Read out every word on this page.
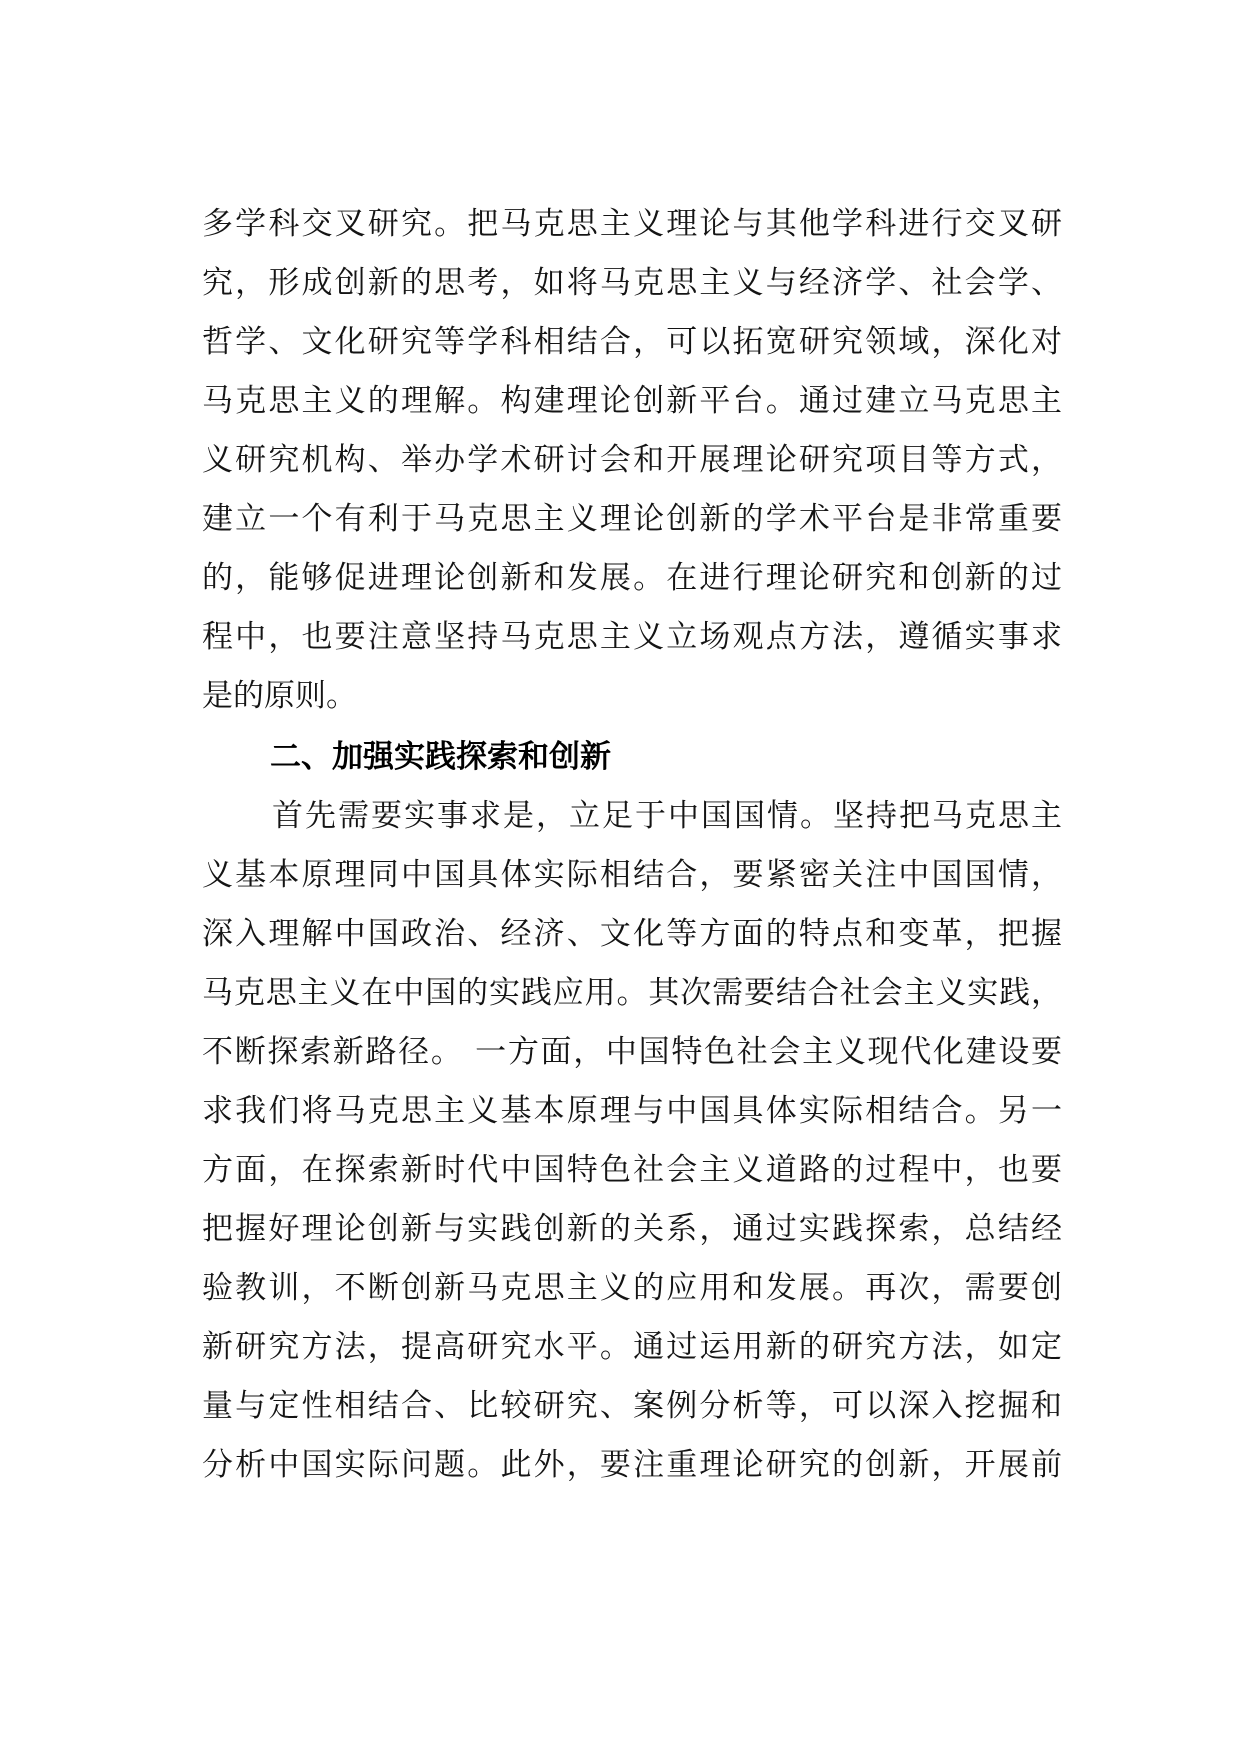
多学科交叉研究。把马克思主义理论与其他学科进行交叉研
究，形成创新的思考，如将马克思主义与经济学、社会学、
哲学、文化研究等学科相结合，可以拓宽研究领域，深化对
马克思主义的理解。构建理论创新平台。通过建立马克思主
义研究机构、举办学术研讨会和开展理论研究项目等方式，
建立一个有利于马克思主义理论创新的学术平台是非常重要
的，能够促进理论创新和发展。在进行理论研究和创新的过
程中，也要注意坚持马克思主义立场观点方法，遵循实事求
是的原则。
二、加强实践探索和创新
首先需要实事求是，立足于中国国情。坚持把马克思主
义基本原理同中国具体实际相结合，要紧密关注中国国情，
深入理解中国政治、经济、文化等方面的特点和变革，把握
马克思主义在中国的实践应用。其次需要结合社会主义实践，
不断探索新路径。 一方面，中国特色社会主义现代化建设要
求我们将马克思主义基本原理与中国具体实际相结合。另一
方面，在探索新时代中国特色社会主义道路的过程中，也要
把握好理论创新与实践创新的关系，通过实践探索，总结经
验教训，不断创新马克思主义的应用和发展。再次，需要创
新研究方法，提高研究水平。通过运用新的研究方法，如定
量与定性相结合、比较研究、案例分析等，可以深入挖掘和
分析中国实际问题。此外，要注重理论研究的创新，开展前
